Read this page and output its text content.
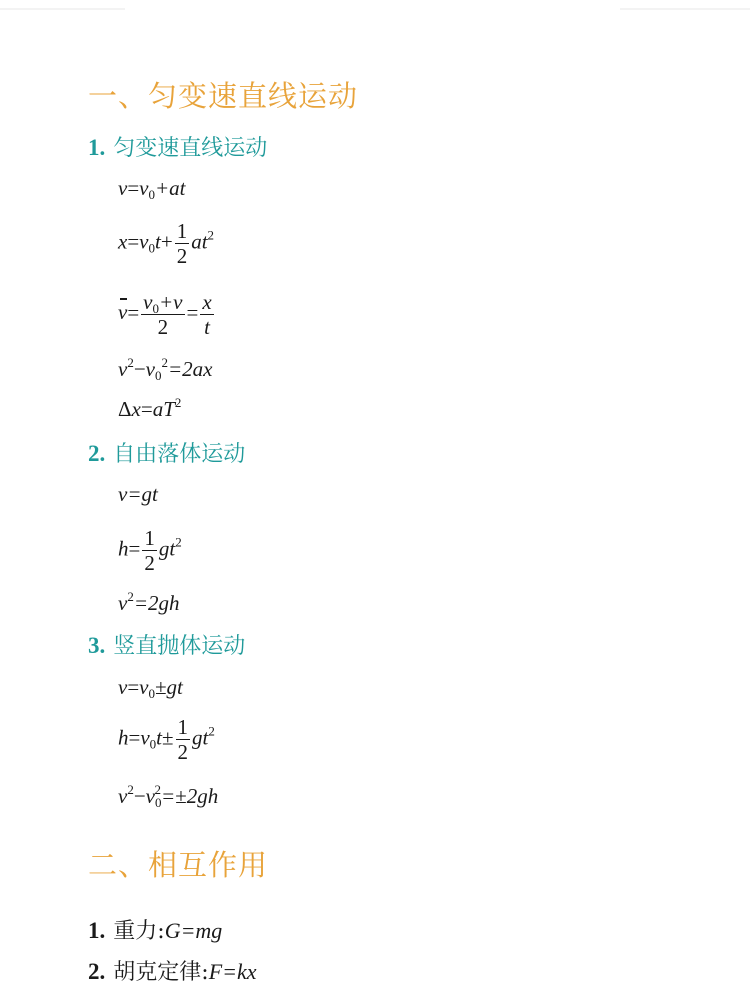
一、匀变速直线运动
1. 匀变速直线运动
$v=v_0+at$
$x=v_0t+ \frac{1}{2} at^2$
$v= \frac{v_0+v}{2} = \frac{x}{t}$
$v^2-v_0^2=2ax$
$\Delta x=aT^2$
2. 自由落体运动
v=gt
$h= \frac{1}{2} gt^2$
$v^2=2gh$
3. 竖直抛体运动
$v=v_0\pm gt$
$h=v_0t\pm \frac{1}{2} gt^2$
$v^2-v_0^2=\pm 2gh$
二、相互作用
1. 重力:G=mg
2. 胡克定律:F=kx
